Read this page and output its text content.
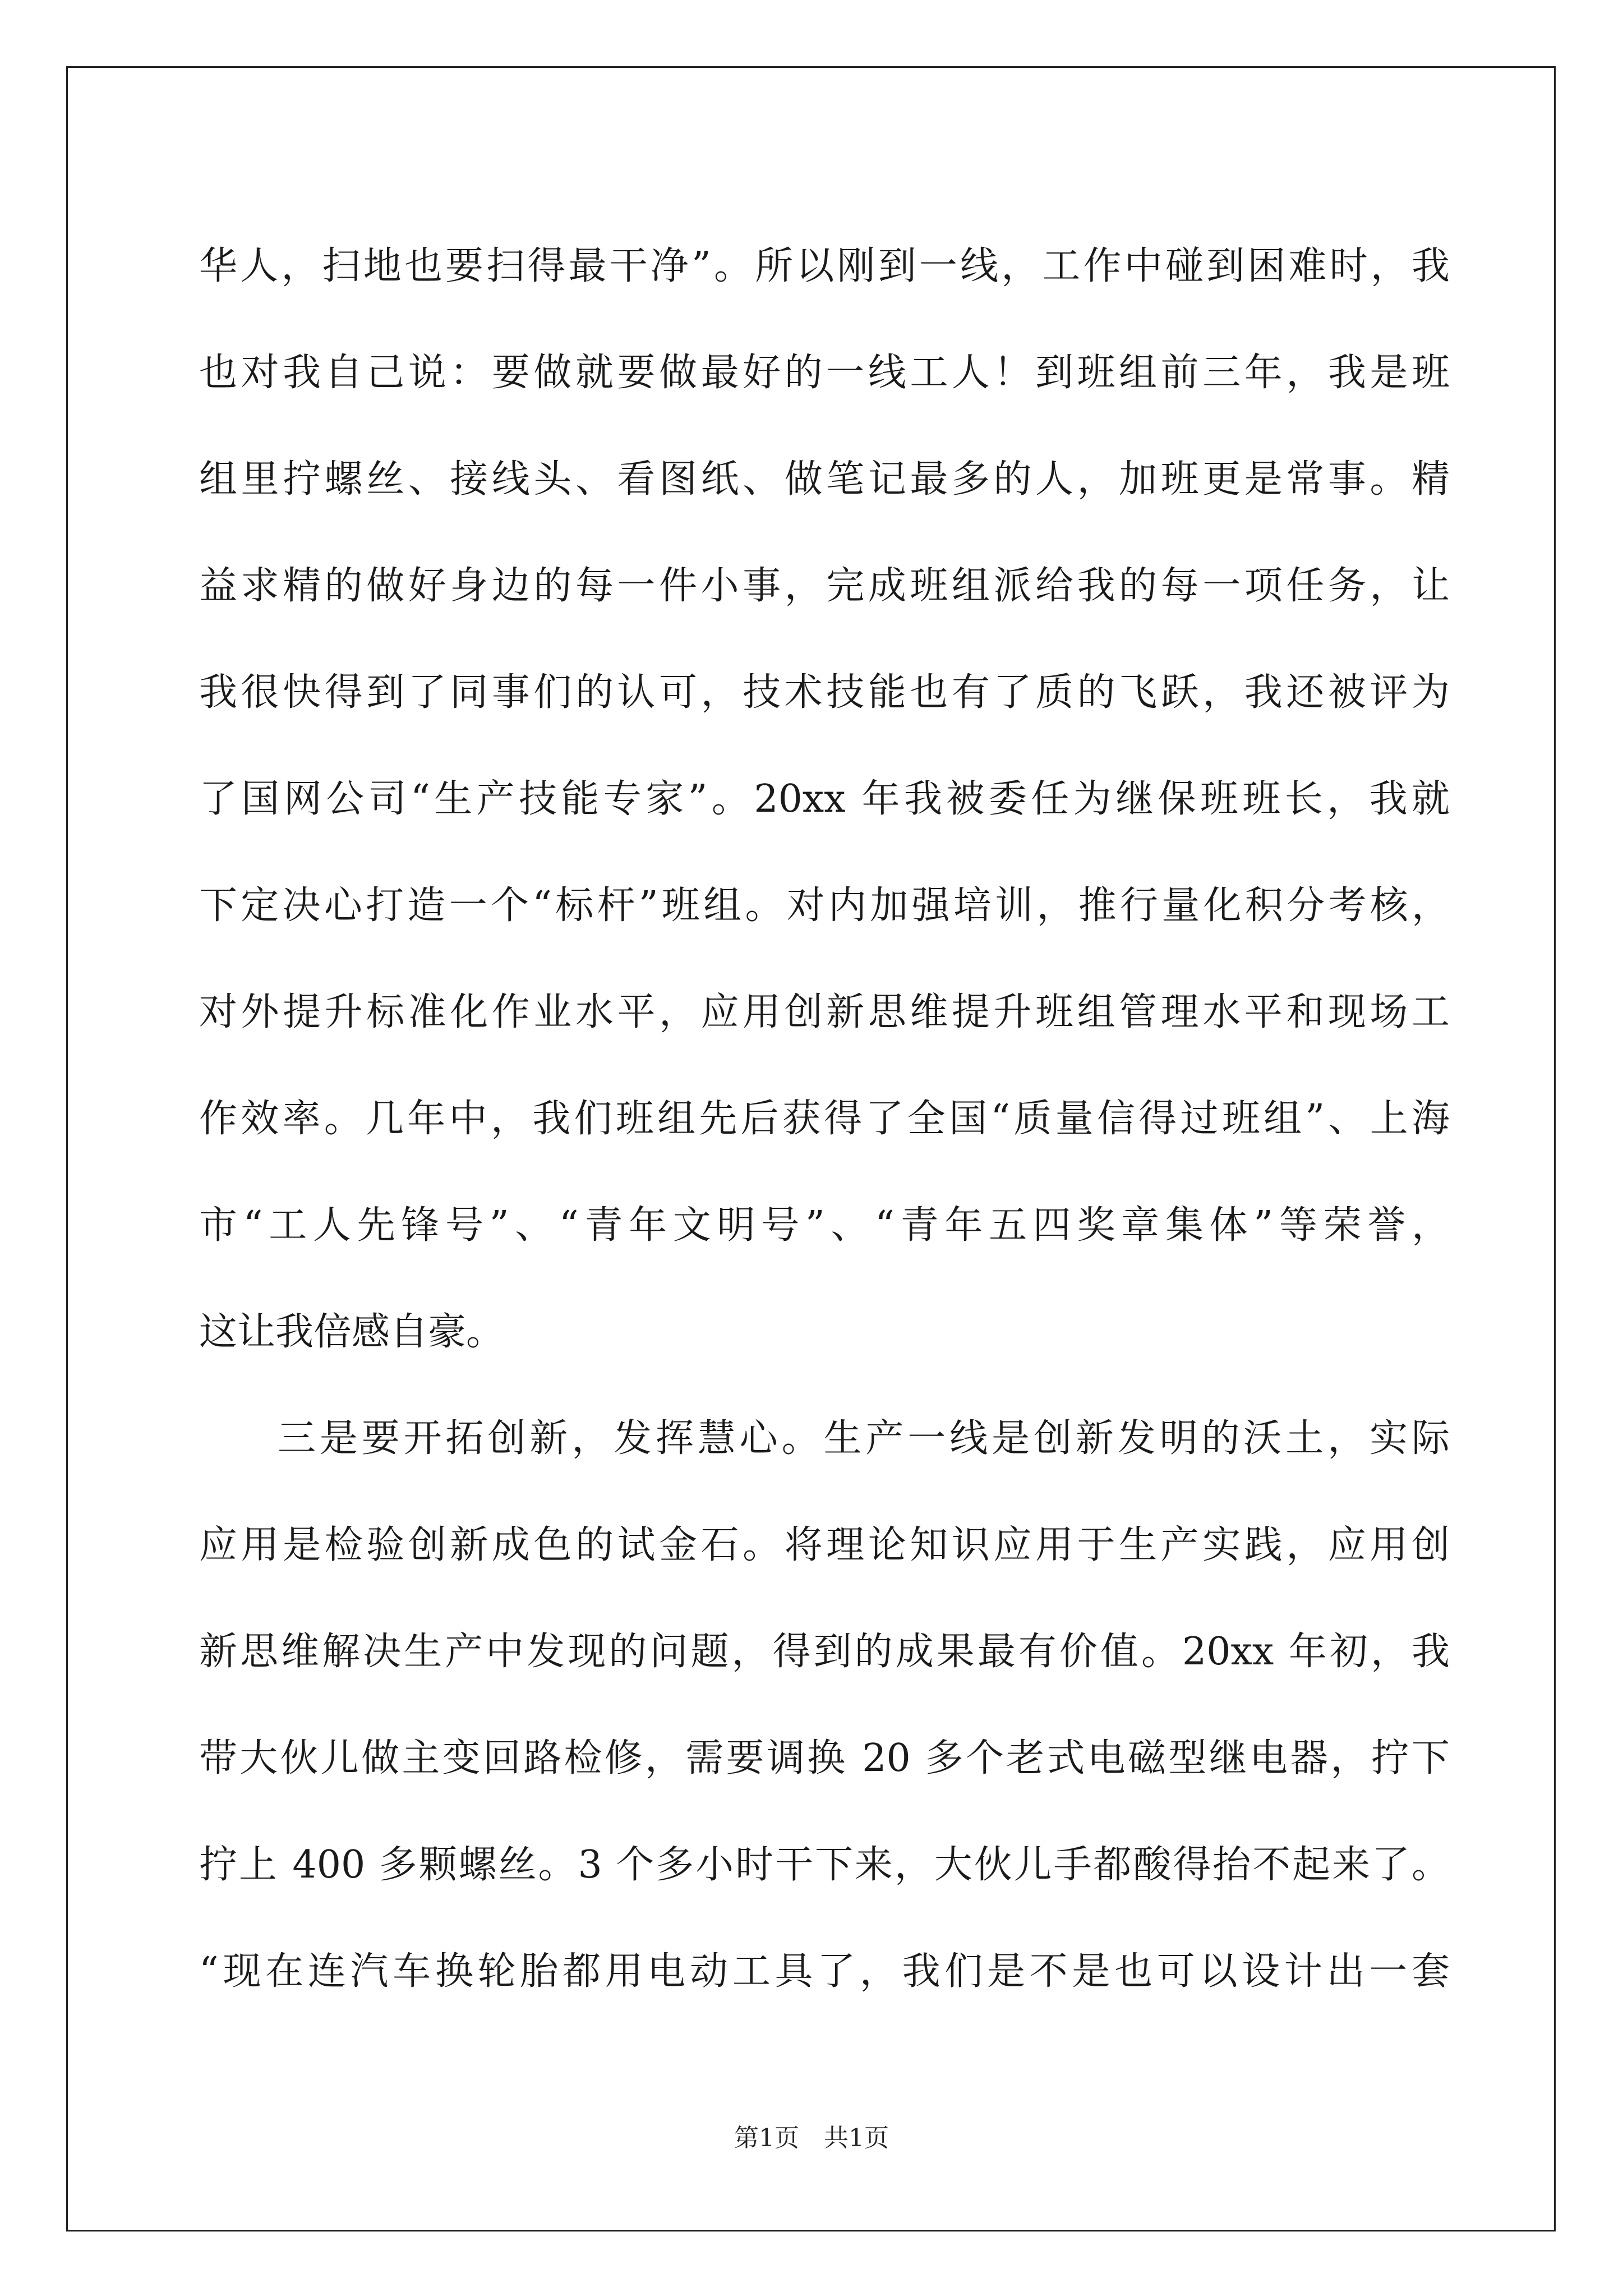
华人，扫地也要扫得最干净”。所以刚到一线，工作中碰到困难时，我
也对我自己说：要做就要做最好的一线工人！到班组前三年，我是班
组里拧螺丝、接线头、看图纸、做笔记最多的人，加班更是常事。精
益求精的做好身边的每一件小事，完成班组派给我的每一项任务，让
我很快得到了同事们的认可，技术技能也有了质的飞跃，我还被评为
了国网公司“生产技能专家”。20xx 年我被委任为继保班班长，我就
下定决心打造一个“标杆”班组。对内加强培训，推行量化积分考核，
对外提升标准化作业水平，应用创新思维提升班组管理水平和现场工
作效率。几年中，我们班组先后获得了全国“质量信得过班组”、上海
市“工人先锋号”、“青年文明号”、“青年五四奖章集体”等荣誉，
这让我倍感自豪。
三是要开拓创新，发挥慧心。生产一线是创新发明的沃土，实际
应用是检验创新成色的试金石。将理论知识应用于生产实践，应用创
新思维解决生产中发现的问题，得到的成果最有价值。20xx 年初，我
带大伙儿做主变回路检修，需要调换 20 多个老式电磁型继电器，拧下
拧上 400 多颗螺丝。3 个多小时干下来，大伙儿手都酸得抬不起来了。
“现在连汽车换轮胎都用电动工具了，我们是不是也可以设计出一套
第1页　共1页
